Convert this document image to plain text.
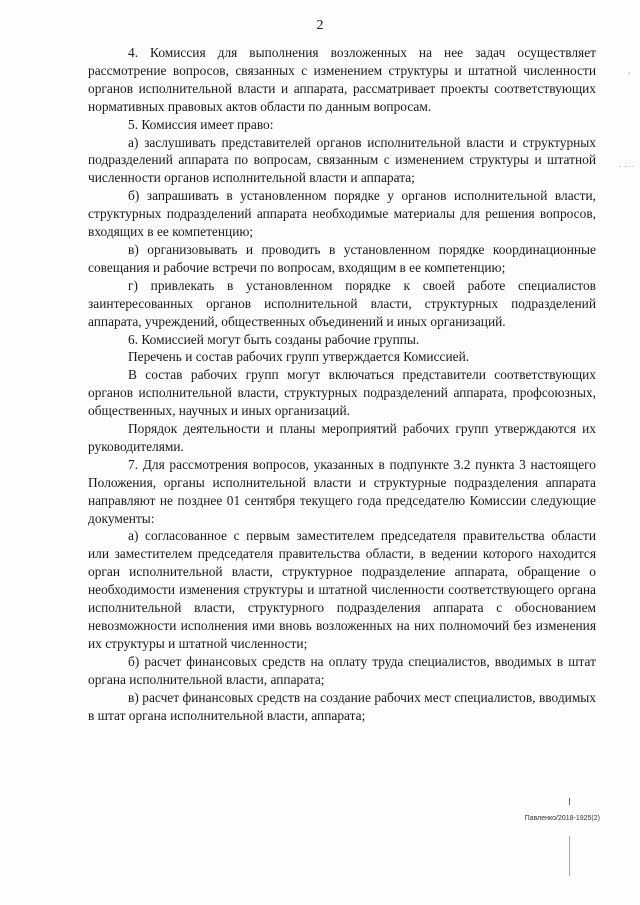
2

4. Комиссия для выполнения возложенных на нее задач осуществляет рассмотрение вопросов, связанных с изменением структуры и штатной численности органов исполнительной власти и аппарата, рассматривает проекты соответствующих нормативных правовых актов области по данным вопросам.

5. Комиссия имеет право:

а) заслушивать представителей органов исполнительной власти и структурных подразделений аппарата по вопросам, связанным с изменением структуры и штатной численности органов исполнительной власти и аппарата;

б) запрашивать в установленном порядке у органов исполнительной власти, структурных подразделений аппарата необходимые материалы для решения вопросов, входящих в ее компетенцию;

в) организовывать и проводить в установленном порядке координационные совещания и рабочие встречи по вопросам, входящим в ее компетенцию;

г) привлекать в установленном порядке к своей работе специалистов заинтересованных органов исполнительной власти, структурных подразделений аппарата, учреждений, общественных объединений и иных организаций.

6. Комиссией могут быть созданы рабочие группы.

Перечень и состав рабочих групп утверждается Комиссией.

В состав рабочих групп могут включаться представители соответствующих органов исполнительной власти, структурных подразделений аппарата, профсоюзных, общественных, научных и иных организаций.

Порядок деятельности и планы мероприятий рабочих групп утверждаются их руководителями.

7. Для рассмотрения вопросов, указанных в подпункте 3.2 пункта 3 настоящего Положения, органы исполнительной власти и структурные подразделения аппарата направляют не позднее 01 сентября текущего года председателю Комиссии следующие документы:

а) согласованное с первым заместителем председателя правительства области или заместителем председателя правительства области, в ведении которого находится орган исполнительной власти, структурное подразделение аппарата, обращение о необходимости изменения структуры и штатной численности соответствующего органа исполнительной власти, структурного подразделения аппарата с обоснованием невозможности исполнения ими вновь возложенных на них полномочий без изменения их структуры и штатной численности;

б) расчет финансовых средств на оплату труда специалистов, вводимых в штат органа исполнительной власти, аппарата;

в) расчет финансовых средств на создание рабочих мест специалистов, вводимых в штат органа исполнительной власти, аппарата;

Павленко/2018-1925(2)
. .. .
,
